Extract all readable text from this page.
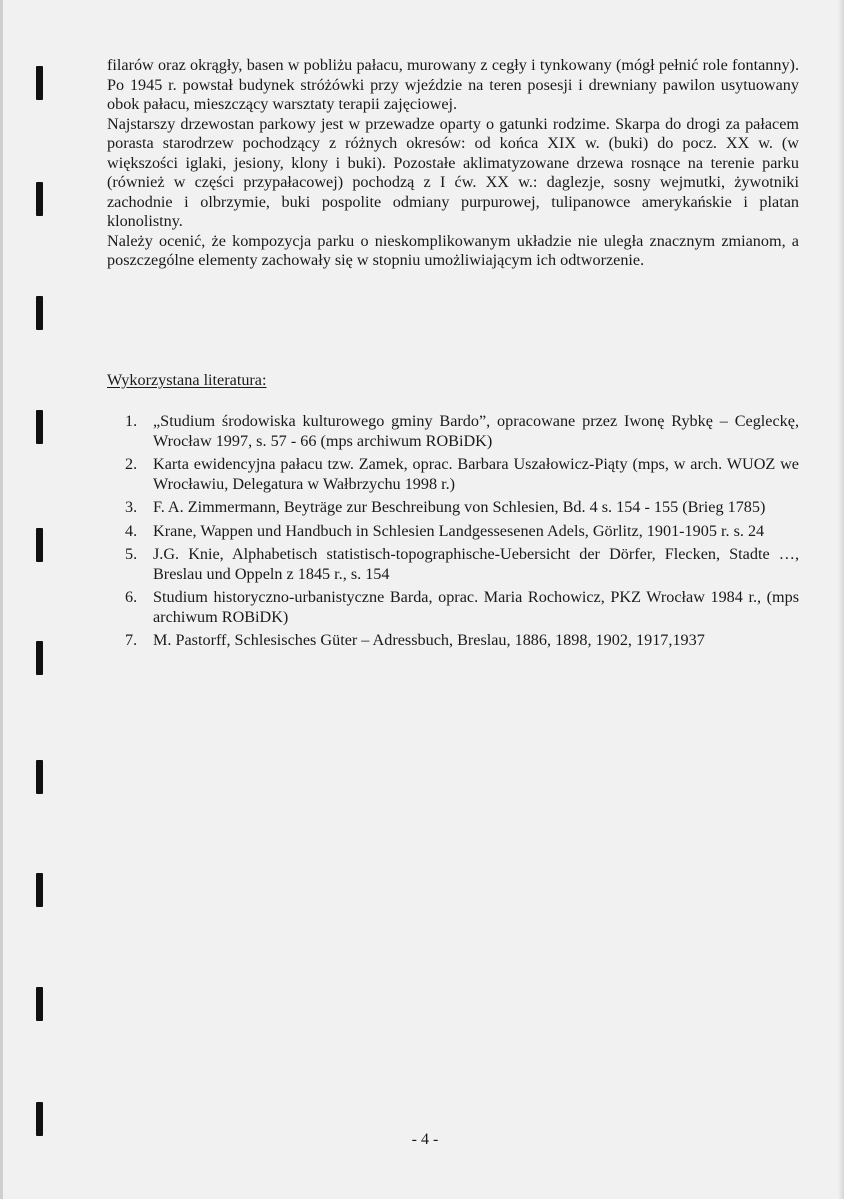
filarów oraz okrągły, basen w pobliżu pałacu, murowany z cegły i tynkowany (mógł pełnić role fontanny). Po 1945 r. powstał budynek stróżówki przy wjeździe na teren posesji i drewniany pawilon usytuowany obok pałacu, mieszczący warsztaty terapii zajęciowej.

Najstarszy drzewostan parkowy jest w przewadze oparty o gatunki rodzime. Skarpa do drogi za pałacem porasta starodrzew pochodzący z różnych okresów: od końca XIX w. (buki) do pocz. XX w. (w większości iglaki, jesiony, klony i buki). Pozostałe aklimatyzowane drzewa rosnące na terenie parku (również w części przypałacowej) pochodzą z I ćw. XX w.: daglezje, sosny wejmutki, żywotniki zachodnie i olbrzymie, buki pospolite odmiany purpurowej, tulipanowce amerykańskie i platan klonolistny.

Należy ocenić, że kompozycja parku o nieskomplikowanym układzie nie uległa znacznym zmianom, a poszczególne elementy zachowały się w stopniu umożliwiającym ich odtworzenie.

Wykorzystana literatura:
1. „Studium środowiska kulturowego gminy Bardo”, opracowane przez Iwonę Rybkę – Cegleckę, Wrocław 1997, s. 57 - 66 (mps archiwum ROBiDK)
2. Karta ewidencyjna pałacu tzw. Zamek, oprac. Barbara Uszałowicz-Piąty (mps, w arch. WUOZ we Wrocławiu, Delegatura w Wałbrzychu 1998 r.)
3. F. A. Zimmermann, Beyträge zur Beschreibung von Schlesien, Bd. 4 s. 154 - 155 (Brieg 1785)
4. Krane, Wappen und Handbuch in Schlesien Landgessesenen Adels, Görlitz, 1901-1905 r. s. 24
5. J.G. Knie, Alphabetisch statistisch-topographische-Uebersicht der Dörfer, Flecken, Stadte …, Breslau und Oppeln z 1845 r., s. 154
6. Studium historyczno-urbanistyczne Barda, oprac. Maria Rochowicz, PKZ Wrocław 1984 r., (mps archiwum ROBiDK)
7. M. Pastorff, Schlesisches Güter – Adressbuch, Breslau, 1886, 1898, 1902, 1917,1937
- 4 -
